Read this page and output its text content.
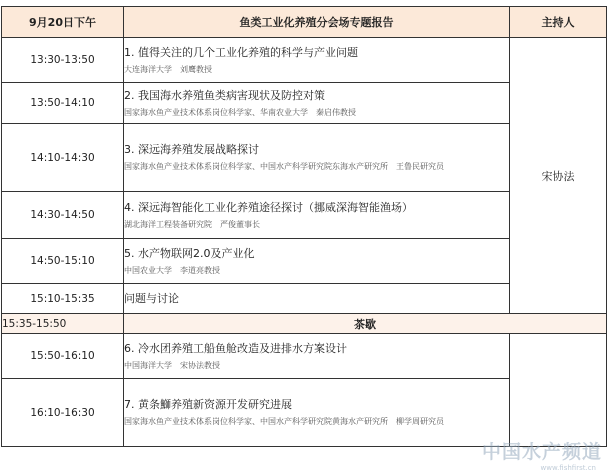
9月20日下午	鱼类工业化养殖分会场专题报告	主持人
13:30-13:50	1. 值得关注的几个工业化养殖的科学与产业问题
大连海洋大学　刘鹰教授	宋协法
13:50-14:10	2. 我国海水养殖鱼类病害现状及防控对策
国家海水鱼产业技术体系岗位科学家、华南农业大学　秦启伟教授	

14:10-14:30	3. 深远海养殖发展战略探讨
国家海水鱼产业技术体系岗位科学家、中国水产科学研究院东海水产研究所　王鲁民研究员	

14:30-14:50	4. 深远海智能化工业化养殖途径探讨（挪威深海智能渔场）
湖北海洋工程装备研究院　严俊董事长	

14:50-15:10	5. 水产物联网2.0及产业化
中国农业大学　李道亮教授	

15:10-15:35	问题与讨论	

15:35-15:50	茶歇	
15:50-16:10	6. 冷水团养殖工船鱼舱改造及进排水方案设计
中国海洋大学　宋协法教授	

16:10-16:30	7. 黄条鰤养殖新资源开发研究进展
国家海水鱼产业技术体系岗位科学家、中国水产科学研究院黄海水产研究所　柳学周研究员	
中国水产频道
www.fishfirst.cn
